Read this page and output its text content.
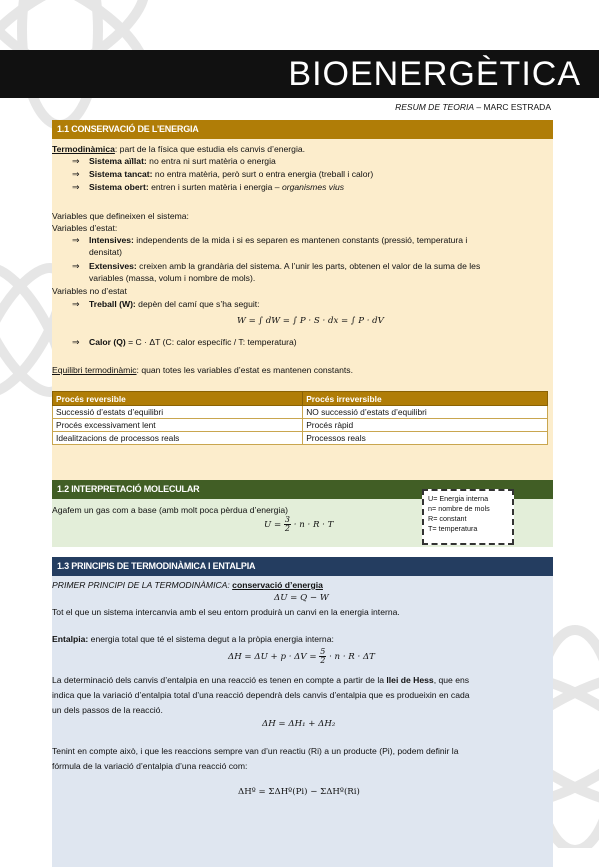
BIOENERGÈTICA
RESUM DE TEORIA – MARC ESTRADA
1.1 CONSERVACIÓ DE L’ENERGIA
Termodinàmica: part de la física que estudia els canvis d’energia.
⇒ Sistema aïllat: no entra ni surt matèria o energia
⇒ Sistema tancat: no entra matèria, però surt o entra energia (treball i calor)
⇒ Sistema obert: entren i surten matèria i energia – organismes vius
Variables que defineixen el sistema:
Variables d’estat:
⇒ Intensives: independents de la mida i si es separen es mantenen constants (pressió, temperatura i
densitat)
⇒ Extensives: creixen amb la grandària del sistema. A l’unir les parts, obtenen el valor de la suma de les
variables (massa, volum i nombre de mols).
Variables no d’estat
⇒ Treball (W): depèn del camí que s’ha seguit:
W = ∫ dW = ∫ P · S · dx = ∫ P · dV
⇒ Calor (Q) = C · ΔT (C: calor específic / T: temperatura)
Equilibri termodinàmic: quan totes les variables d’estat es mantenen constants.
Procés reversible	Procés irreversible
Successió d’estats d’equilibri	NO successió d’estats d’equilibri
Procés excessivament lent	Procés ràpid
Idealitzacions de processos reals	Processos reals
1.2 INTERPRETACIÓ MOLECULAR
Agafem un gas com a base (amb molt poca pèrdua d’energia)
$U = \frac{3}{2} \cdot n \cdot R \cdot T$
U= Energia interna
n= nombre de mols
R= constant
T= temperatura
1.3 PRINCIPIS DE TERMODINÀMICA I ENTALPIA
PRIMER PRINCIPI DE LA TERMODINÀMICA: conservació d’energia
ΔU = Q − W
Tot el que un sistema intercanvia amb el seu entorn produirà un canvi en la energia interna.
Entalpia: energia total que té el sistema degut a la pròpia energia interna:
$\Delta H = \Delta U + p \cdot \Delta V = \frac{5}{2} \cdot n \cdot R \cdot \Delta T$
La determinació dels canvis d’entalpia en una reacció es tenen en compte a partir de la llei de Hess, que ens
indica que la variació d’entalpia total d’una reacció dependrà dels canvis d’entalpia que es produeixin en cada
un dels passos de la reacció.
ΔH = ΔH₁ + ΔH₂
Tenint en compte això, i que les reaccions sempre van d’un reactiu (Ri) a un producte (Pi), podem definir la
fórmula de la variació d’entalpia d’una reacció com:
ΔHº = ΣΔHº(Pi) − ΣΔHº(Ri)
